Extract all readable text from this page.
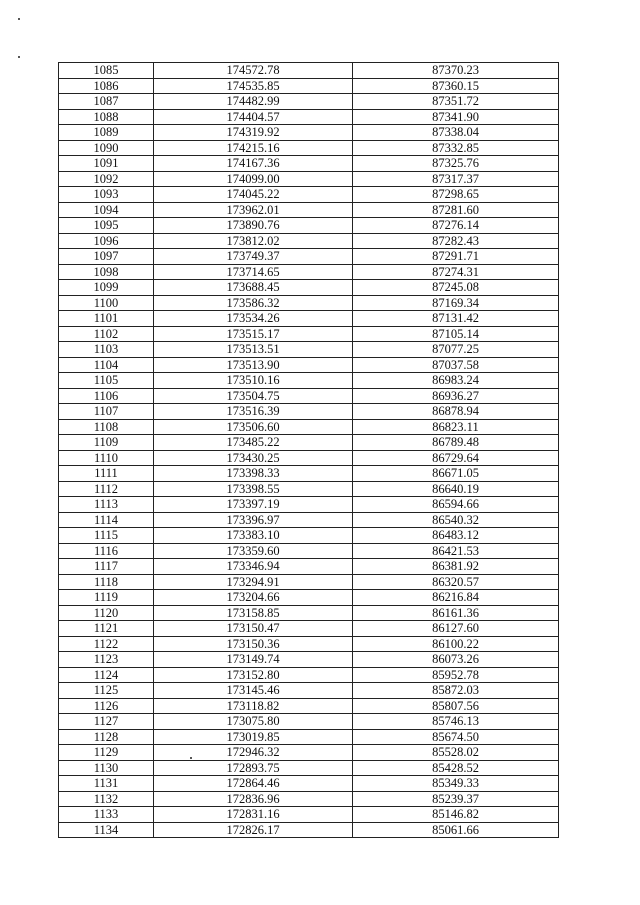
1085	174572.78	87370.23
1086	174535.85	87360.15
1087	174482.99	87351.72
1088	174404.57	87341.90
1089	174319.92	87338.04
1090	174215.16	87332.85
1091	174167.36	87325.76
1092	174099.00	87317.37
1093	174045.22	87298.65
1094	173962.01	87281.60
1095	173890.76	87276.14
1096	173812.02	87282.43
1097	173749.37	87291.71
1098	173714.65	87274.31
1099	173688.45	87245.08
1100	173586.32	87169.34
1101	173534.26	87131.42
1102	173515.17	87105.14
1103	173513.51	87077.25
1104	173513.90	87037.58
1105	173510.16	86983.24
1106	173504.75	86936.27
1107	173516.39	86878.94
1108	173506.60	86823.11
1109	173485.22	86789.48
1110	173430.25	86729.64
1111	173398.33	86671.05
1112	173398.55	86640.19
1113	173397.19	86594.66
1114	173396.97	86540.32
1115	173383.10	86483.12
1116	173359.60	86421.53
1117	173346.94	86381.92
1118	173294.91	86320.57
1119	173204.66	86216.84
1120	173158.85	86161.36
1121	173150.47	86127.60
1122	173150.36	86100.22
1123	173149.74	86073.26
1124	173152.80	85952.78
1125	173145.46	85872.03
1126	173118.82	85807.56
1127	173075.80	85746.13
1128	173019.85	85674.50
1129	172946.32	85528.02
1130	172893.75	85428.52
1131	172864.46	85349.33
1132	172836.96	85239.37
1133	172831.16	85146.82
1134	172826.17	85061.66
